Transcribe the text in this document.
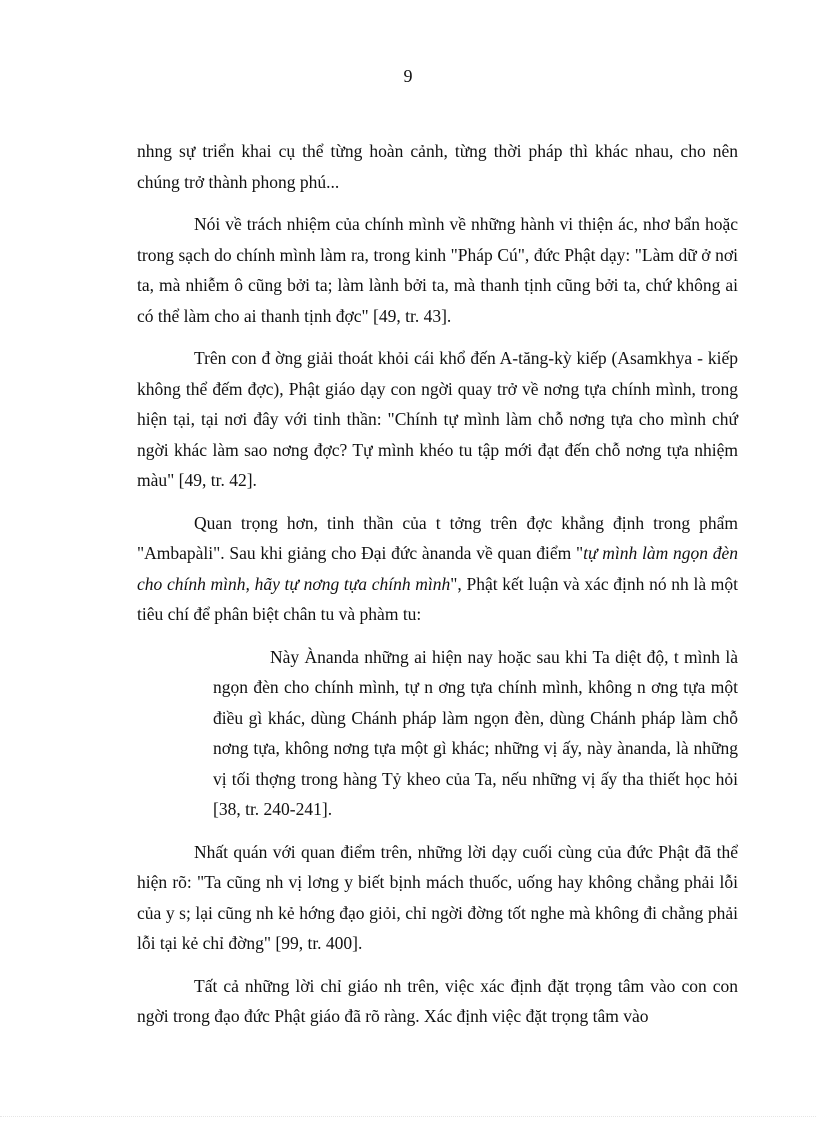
9

nhng sự triển khai cụ thể từng hoàn cảnh, từng thời pháp thì khác nhau, cho nên chúng trở thành phong phú...

Nói về trách nhiệm của chính mình về những hành vi thiện ác, nhơ bẩn hoặc trong sạch do chính mình làm ra, trong kinh "Pháp Cú", đức Phật dạy: "Làm dữ ở nơi ta, mà nhiễm ô cũng bởi ta; làm lành bởi ta, mà thanh tịnh cũng bởi ta, chứ không ai có thể làm cho ai thanh tịnh đợc" [49, tr. 43].

Trên con đ ờng giải thoát khỏi cái khổ đến A-tăng-kỳ kiếp (Asamkhya - kiếp không thể đếm đợc), Phật giáo dạy con ngời quay trở về nơng tựa chính mình, trong hiện tại, tại nơi đây với tinh thần: "Chính tự mình làm chỗ nơng tựa cho mình chứ ngời khác làm sao nơng đợc? Tự mình khéo tu tập mới đạt đến chỗ nơng tựa nhiệm màu" [49, tr. 42].

Quan trọng hơn, tinh thần của t tởng trên đợc khẳng định trong phẩm "Ambapàli". Sau khi giảng cho Đại đức ànanda về quan điểm "tự mình làm ngọn đèn cho chính mình, hãy tự nơng tựa chính mình", Phật kết luận và xác định nó nh là một tiêu chí để phân biệt chân tu và phàm tu:

Này Ànanda những ai hiện nay hoặc sau khi Ta diệt độ, t mình là ngọn đèn cho chính mình, tự n ơng tựa chính mình, không n ơng tựa một điều gì khác, dùng Chánh pháp làm ngọn đèn, dùng Chánh pháp làm chỗ nơng tựa, không nơng tựa một gì khác; những vị ấy, này ànanda, là những vị tối thợng trong hàng Tỷ kheo của Ta, nếu những vị ấy tha thiết học hỏi [38, tr. 240-241].

Nhất quán với quan điểm trên, những lời dạy cuối cùng của đức Phật đã thể hiện rõ: "Ta cũng nh vị lơng y biết bịnh mách thuốc, uống hay không chẳng phải lỗi của y s; lại cũng nh kẻ hớng đạo giỏi, chỉ ngời đờng tốt nghe mà không đi chẳng phải lỗi tại kẻ chỉ đờng" [99, tr. 400].

Tất cả những lời chỉ giáo nh trên, việc xác định đặt trọng tâm vào con con ngời trong đạo đức Phật giáo đã rõ ràng. Xác định việc đặt trọng tâm vào
